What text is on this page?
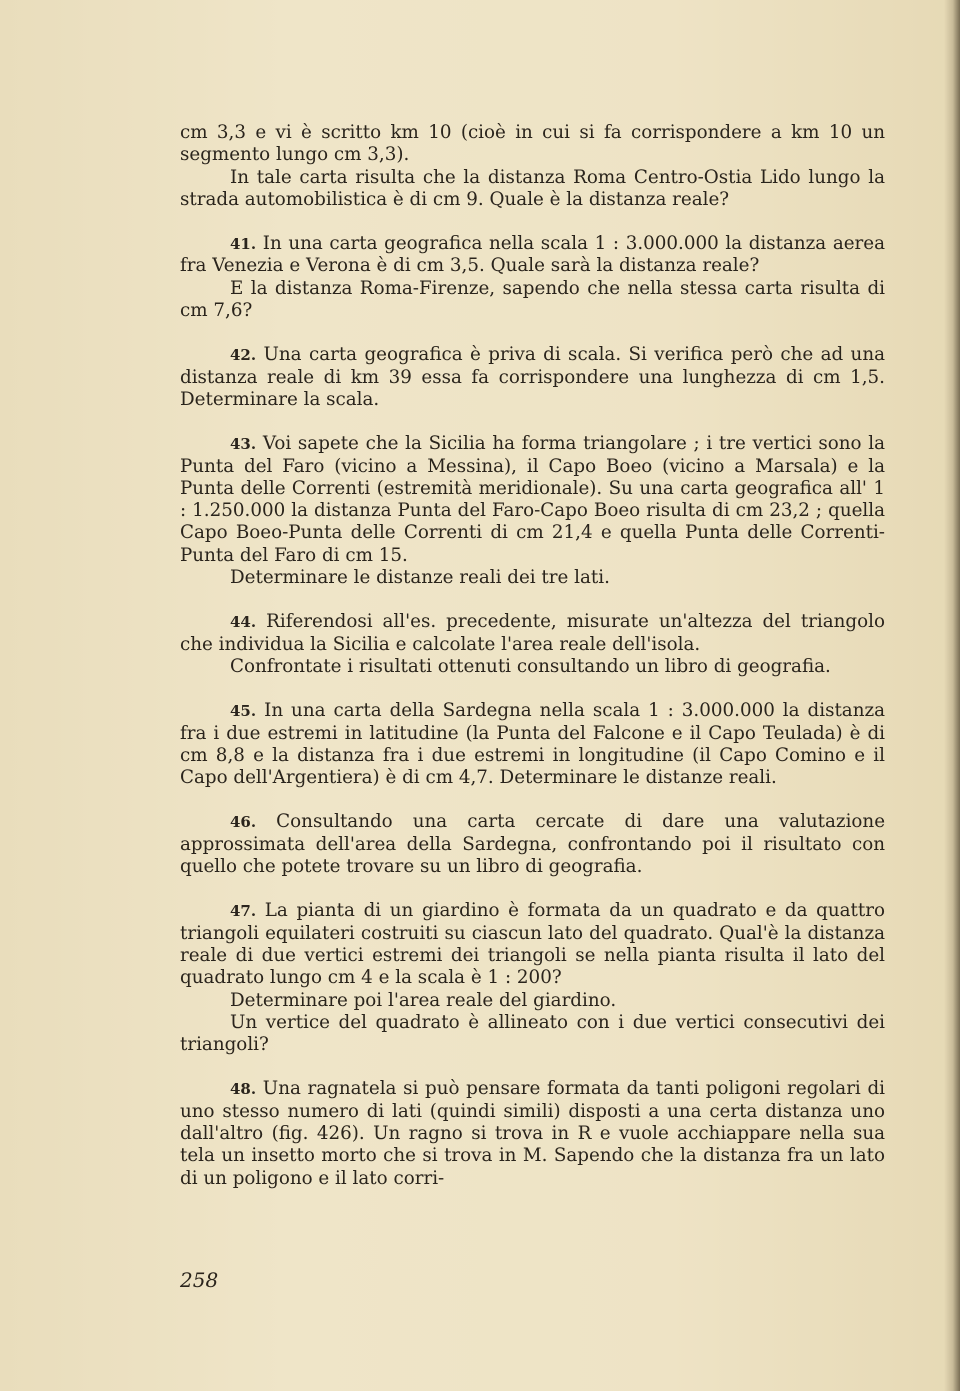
cm 3,3 e vi è scritto km 10 (cioè in cui si fa corrispondere a km 10 un segmento lungo cm 3,3).

In tale carta risulta che la distanza Roma Centro-Ostia Lido lungo la strada automobilistica è di cm 9. Quale è la distanza reale?

41. In una carta geografica nella scala 1 : 3.000.000 la distanza aerea fra Venezia e Verona è di cm 3,5. Quale sarà la distanza reale?

E la distanza Roma-Firenze, sapendo che nella stessa carta risulta di cm 7,6?

42. Una carta geografica è priva di scala. Si verifica però che ad una distanza reale di km 39 essa fa corrispondere una lunghezza di cm 1,5. Determinare la scala.

43. Voi sapete che la Sicilia ha forma triangolare ; i tre vertici sono la Punta del Faro (vicino a Messina), il Capo Boeo (vicino a Marsala) e la Punta delle Correnti (estremità meridionale). Su una carta geografica all' 1 : 1.250.000 la distanza Punta del Faro-Capo Boeo risulta di cm 23,2 ; quella Capo Boeo-Punta delle Correnti di cm 21,4 e quella Punta delle Correnti-Punta del Faro di cm 15.

Determinare le distanze reali dei tre lati.

44. Riferendosi all'es. precedente, misurate un'altezza del triangolo che individua la Sicilia e calcolate l'area reale dell'isola.

Confrontate i risultati ottenuti consultando un libro di geografia.

45. In una carta della Sardegna nella scala 1 : 3.000.000 la distanza fra i due estremi in latitudine (la Punta del Falcone e il Capo Teulada) è di cm 8,8 e la distanza fra i due estremi in longitudine (il Capo Comino e il Capo dell'Argentiera) è di cm 4,7. Determinare le distanze reali.

46. Consultando una carta cercate di dare una valutazione approssimata dell'area della Sardegna, confrontando poi il risultato con quello che potete trovare su un libro di geografia.

47. La pianta di un giardino è formata da un quadrato e da quattro triangoli equilateri costruiti su ciascun lato del quadrato. Qual'è la distanza reale di due vertici estremi dei triangoli se nella pianta risulta il lato del quadrato lungo cm 4 e la scala è 1 : 200?

Determinare poi l'area reale del giardino.

Un vertice del quadrato è allineato con i due vertici consecutivi dei triangoli?

48. Una ragnatela si può pensare formata da tanti poligoni regolari di uno stesso numero di lati (quindi simili) disposti a una certa distanza uno dall'altro (fig. 426). Un ragno si trova in R e vuole acchiappare nella sua tela un insetto morto che si trova in M. Sapendo che la distanza fra un lato di un poligono e il lato corri-

258
